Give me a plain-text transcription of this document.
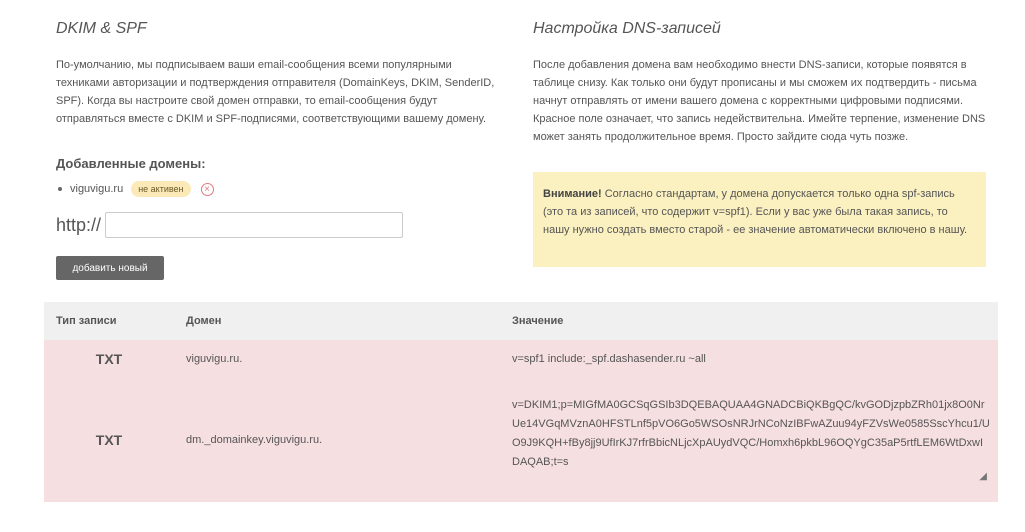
DKIM & SPF

По-умолчанию, мы подписываем ваши email-сообщения всеми популярными техниками авторизации и подтверждения отправителя (DomainKeys, DKIM, SenderID, SPF). Когда вы настроите свой домен отправки, то email-сообщения будут отправляться вместе с DKIM и SPF-подписями, соответствующими вашему домену.

Настройка DNS-записей

После добавления домена вам необходимо внести DNS-записи, которые появятся в таблице снизу. Как только они будут прописаны и мы сможем их подтвердить - письма начнут отправлять от имени вашего домена с корректными цифровыми подписями. Красное поле означает, что запись недействительна. Имейте терпение, изменение DNS может занять продолжительное время. Просто зайдите сюда чуть позже.

Добавленные домены:
viguvigu.ru	не активен	×
http://
добавить новый
Внимание! Согласно стандартам, у домена допускается только одна spf-запись (это та из записей, что содержит v=spf1). Если у вас уже была такая запись, то нашу нужно создать вместо старой - ее значение автоматически включено в нашу.
Тип записи	Домен	Значение
TXT	viguvigu.ru.	v=spf1 include:_spf.dashasender.ru ~all
TXT	dm._domainkey.viguvigu.ru.	v=DKIM1;p=MIGfMA0GCSqGSIb3DQEBAQUAA4GNADCBiQKBgQC/kvGODjzpbZRh01jx8O0NrUe14VGqMVznA0HFSTLnf5pVO6Go5WSOsNRJrNCoNzIBFwAZuu94yFZVsWe0585SscYhcu1/UO9J9KQH+fBy8jj9UfIrKJ7rfrBbicNLjcXpAUydVQC/Homxh6pkbL96OQYgC35aP5rtfLEM6WtDxwIDAQAB;t=s
◢
